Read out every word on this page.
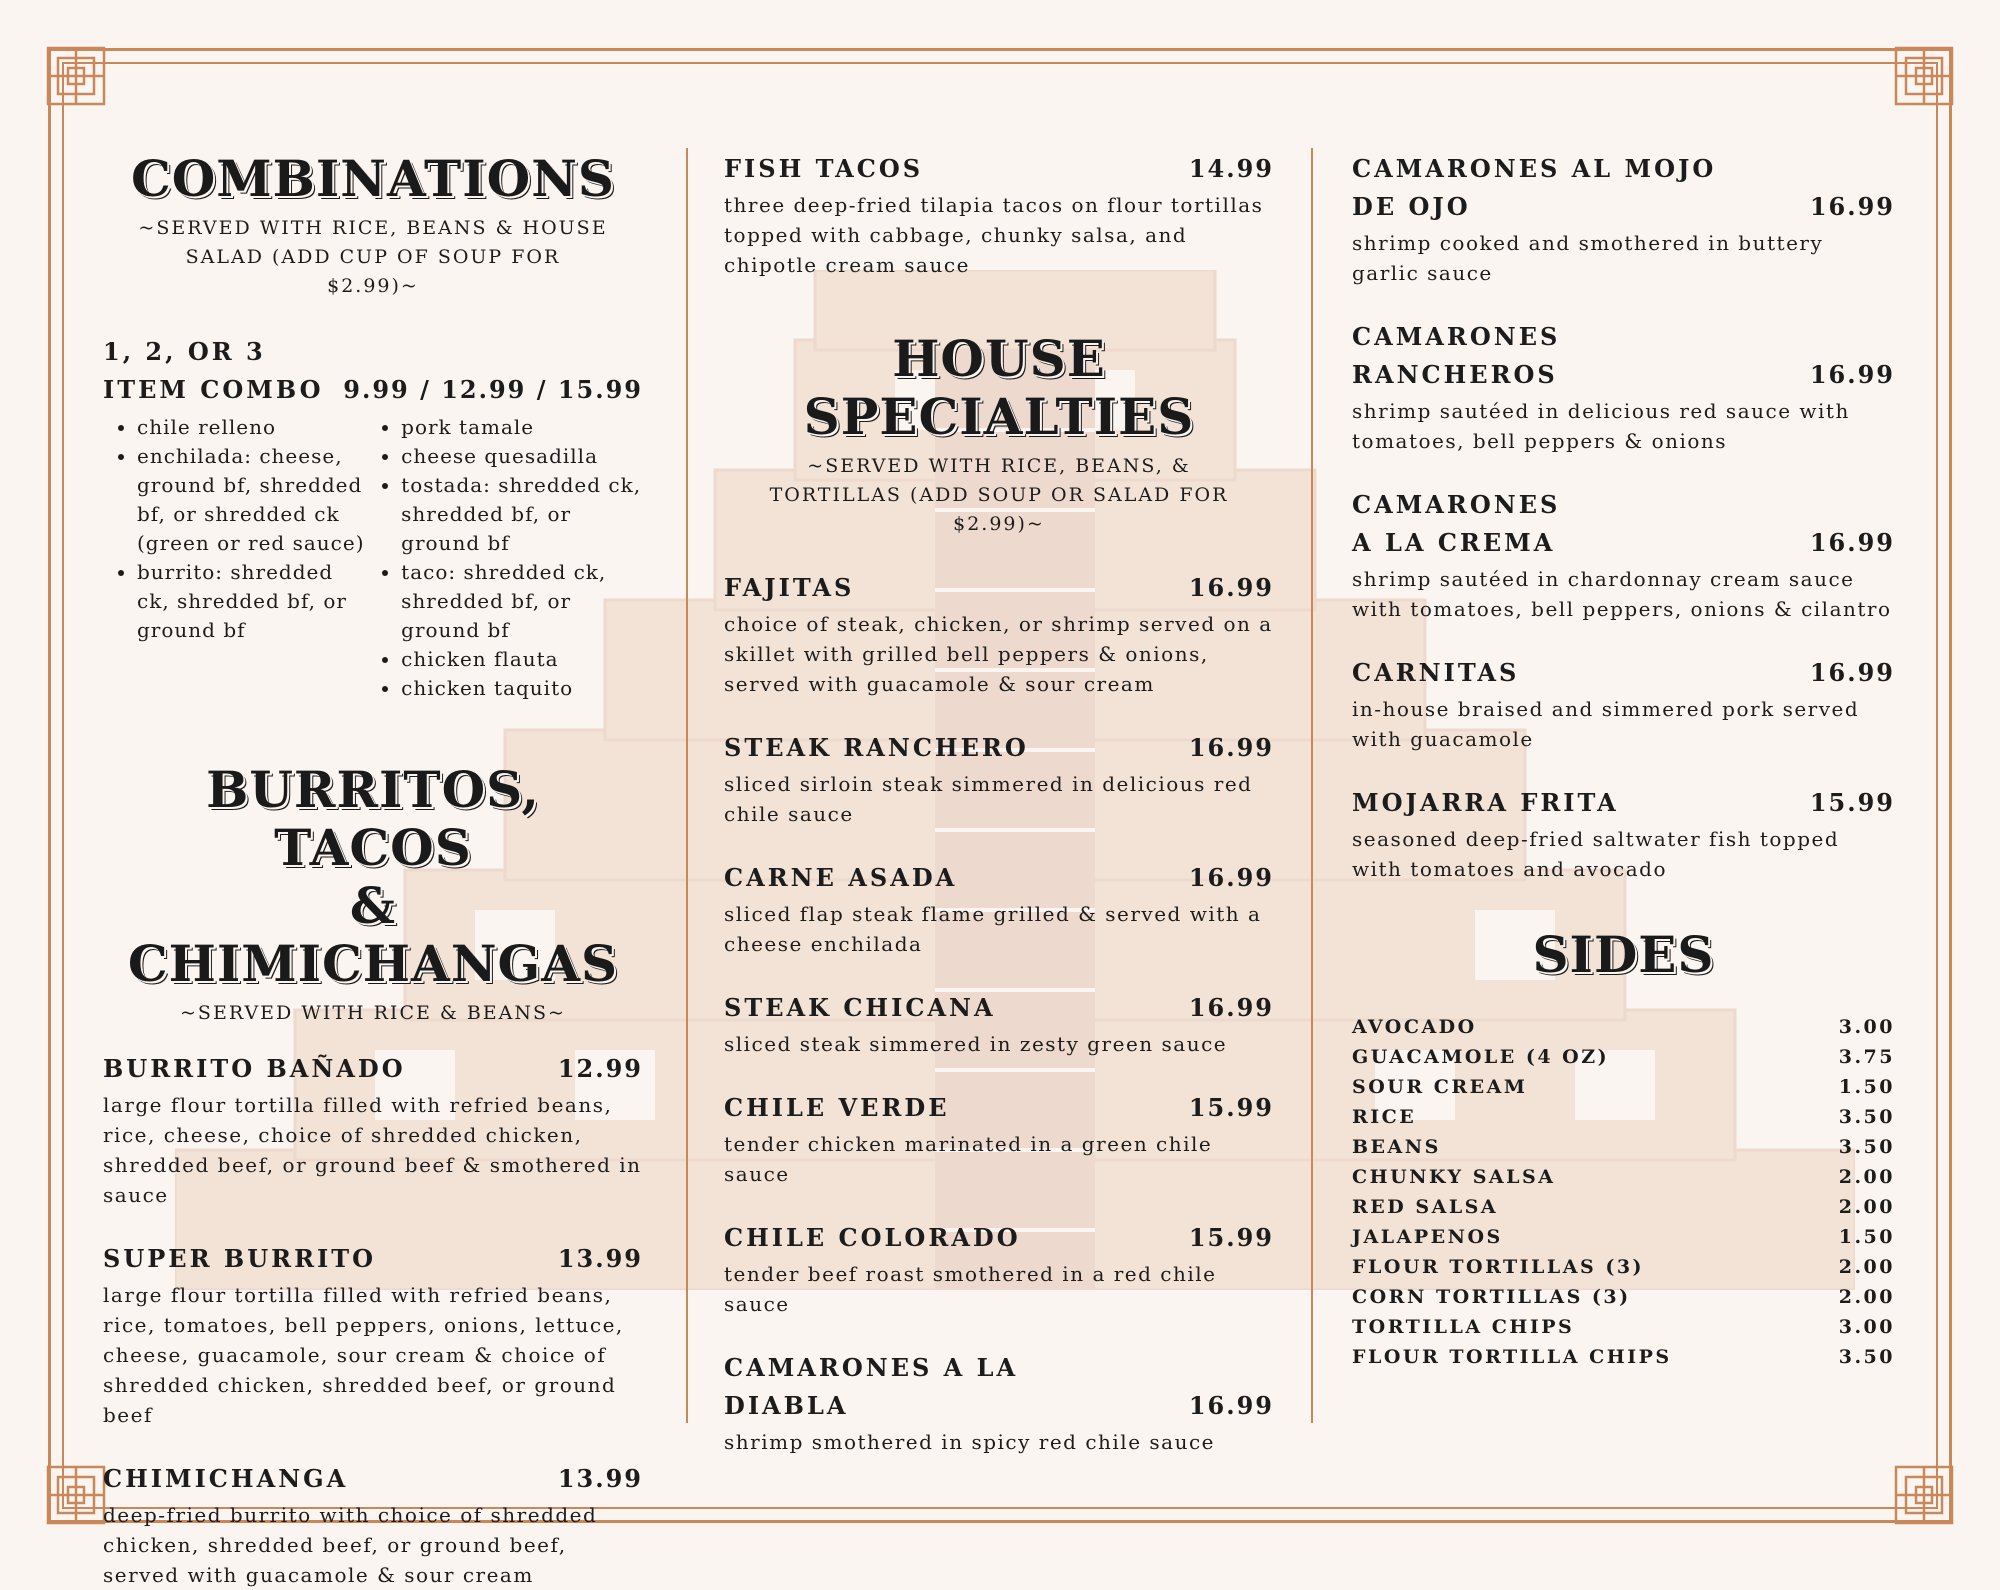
COMBINATIONS

~SERVED WITH RICE, BEANS & HOUSE SALAD (ADD CUP OF SOUP FOR $2.99)~

1, 2, OR 3
ITEM COMBO 9.99 / 12.99 / 15.99
• chile relleno
• enchilada: cheese, ground bf, shredded bf, or shredded ck (green or red sauce)
• burrito: shredded ck, shredded bf, or ground bf
• pork tamale
• cheese quesadilla
• tostada: shredded ck, shredded bf, or ground bf
• taco: shredded ck, shredded bf, or ground bf
• chicken flauta
• chicken taquito
BURRITOS, TACOS
& CHIMICHANGAS

~SERVED WITH RICE & BEANS~

BURRITO BAÑADO	12.99
large flour tortilla filled with refried beans, rice, cheese, choice of shredded chicken, shredded beef, or ground beef & smothered in sauce
SUPER BURRITO	13.99
large flour tortilla filled with refried beans, rice, tomatoes, bell peppers, onions, lettuce, cheese, guacamole, sour cream & choice of shredded chicken, shredded beef, or ground beef
CHIMICHANGA	13.99
deep-fried burrito with choice of shredded chicken, shredded beef, or ground beef, served with guacamole & sour cream
FISH TACOS	14.99
three deep-fried tilapia tacos on flour tortillas topped with cabbage, chunky salsa, and chipotle cream sauce
HOUSE
SPECIALTIES

~SERVED WITH RICE, BEANS, & TORTILLAS (ADD SOUP OR SALAD FOR $2.99)~

FAJITAS	16.99
choice of steak, chicken, or shrimp served on a skillet with grilled bell peppers & onions, served with guacamole & sour cream
STEAK RANCHERO	16.99
sliced sirloin steak simmered in delicious red chile sauce
CARNE ASADA	16.99
sliced flap steak flame grilled & served with a cheese enchilada
STEAK CHICANA	16.99
sliced steak simmered in zesty green sauce
CHILE VERDE	15.99
tender chicken marinated in a green chile sauce
CHILE COLORADO	15.99
tender beef roast smothered in a red chile sauce
CAMARONES A LA
DIABLA	16.99
shrimp smothered in spicy red chile sauce
CAMARONES AL MOJO
DE OJO	16.99
shrimp cooked and smothered in buttery garlic sauce
CAMARONES
RANCHEROS	16.99
shrimp sautéed in delicious red sauce with tomatoes, bell peppers & onions
CAMARONES
A LA CREMA	16.99
shrimp sautéed in chardonnay cream sauce with tomatoes, bell peppers, onions & cilantro
CARNITAS	16.99
in-house braised and simmered pork served with guacamole
MOJARRA FRITA	15.99
seasoned deep-fried saltwater fish topped with tomatoes and avocado
SIDES
AVOCADO	3.00
GUACAMOLE (4 OZ)	3.75
SOUR CREAM	1.50
RICE	3.50
BEANS	3.50
CHUNKY SALSA	2.00
RED SALSA	2.00
JALAPENOS	1.50
FLOUR TORTILLAS (3)	2.00
CORN TORTILLAS (3)	2.00
TORTILLA CHIPS	3.00
FLOUR TORTILLA CHIPS	3.50
